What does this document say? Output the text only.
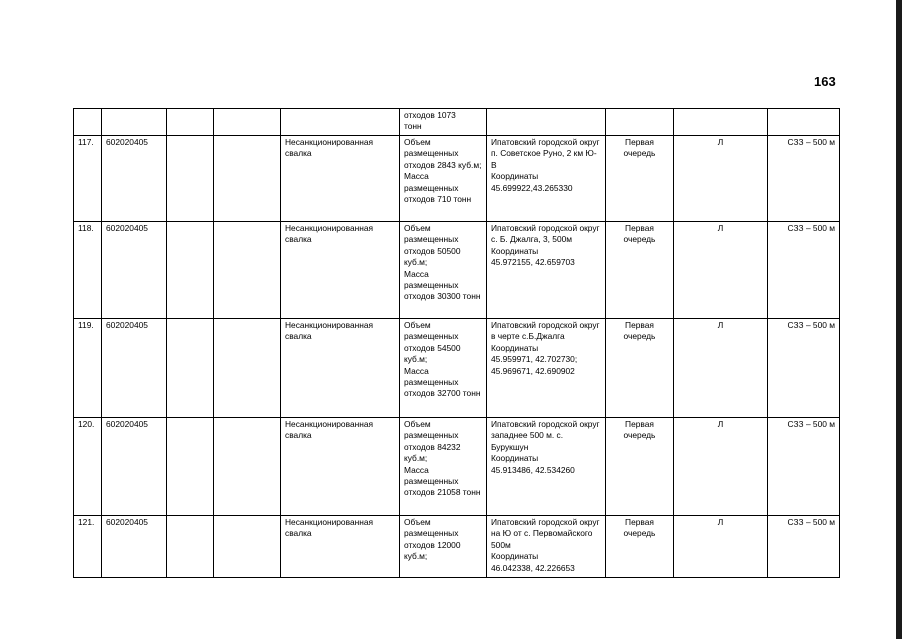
163
					отходов 1073
тонн				
117.	602020405			Несанкционированная свалка	Объем размещенных отходов 2843 куб.м;
Масса размещенных отходов 710 тонн	Ипатовский городской округ п. Советское Руно, 2 км Ю-В
Координаты
45.699922,43.265330	Первая очередь	Л	СЗЗ – 500 м
118.	602020405			Несанкционированная свалка	Объем размещенных отходов 50500 куб.м;
Масса размещенных отходов 30300 тонн	Ипатовский городской округ с. Б. Джалга, 3, 500м
Координаты
45.972155, 42.659703	Первая очередь	Л	СЗЗ – 500 м
119.	602020405			Несанкционированная свалка	Объем размещенных отходов 54500 куб.м;
Масса размещенных отходов 32700 тонн	Ипатовский городской округ в черте с.Б.Джалга
Координаты
45.959971, 42.702730;
45.969671, 42.690902	Первая очередь	Л	СЗЗ – 500 м
120.	602020405			Несанкционированная свалка	Объем размещенных отходов 84232 куб.м;
Масса размещенных отходов 21058 тонн	Ипатовский городской округ западнее 500 м. с. Бурукшун
Координаты
45.913486, 42.534260	Первая очередь	Л	СЗЗ – 500 м
121.	602020405			Несанкционированная свалка	Объем размещенных отходов 12000 куб.м;	Ипатовский городской округ на Ю от с. Первомайского 500м
Координаты
46.042338, 42.226653	Первая очередь	Л	СЗЗ – 500 м
